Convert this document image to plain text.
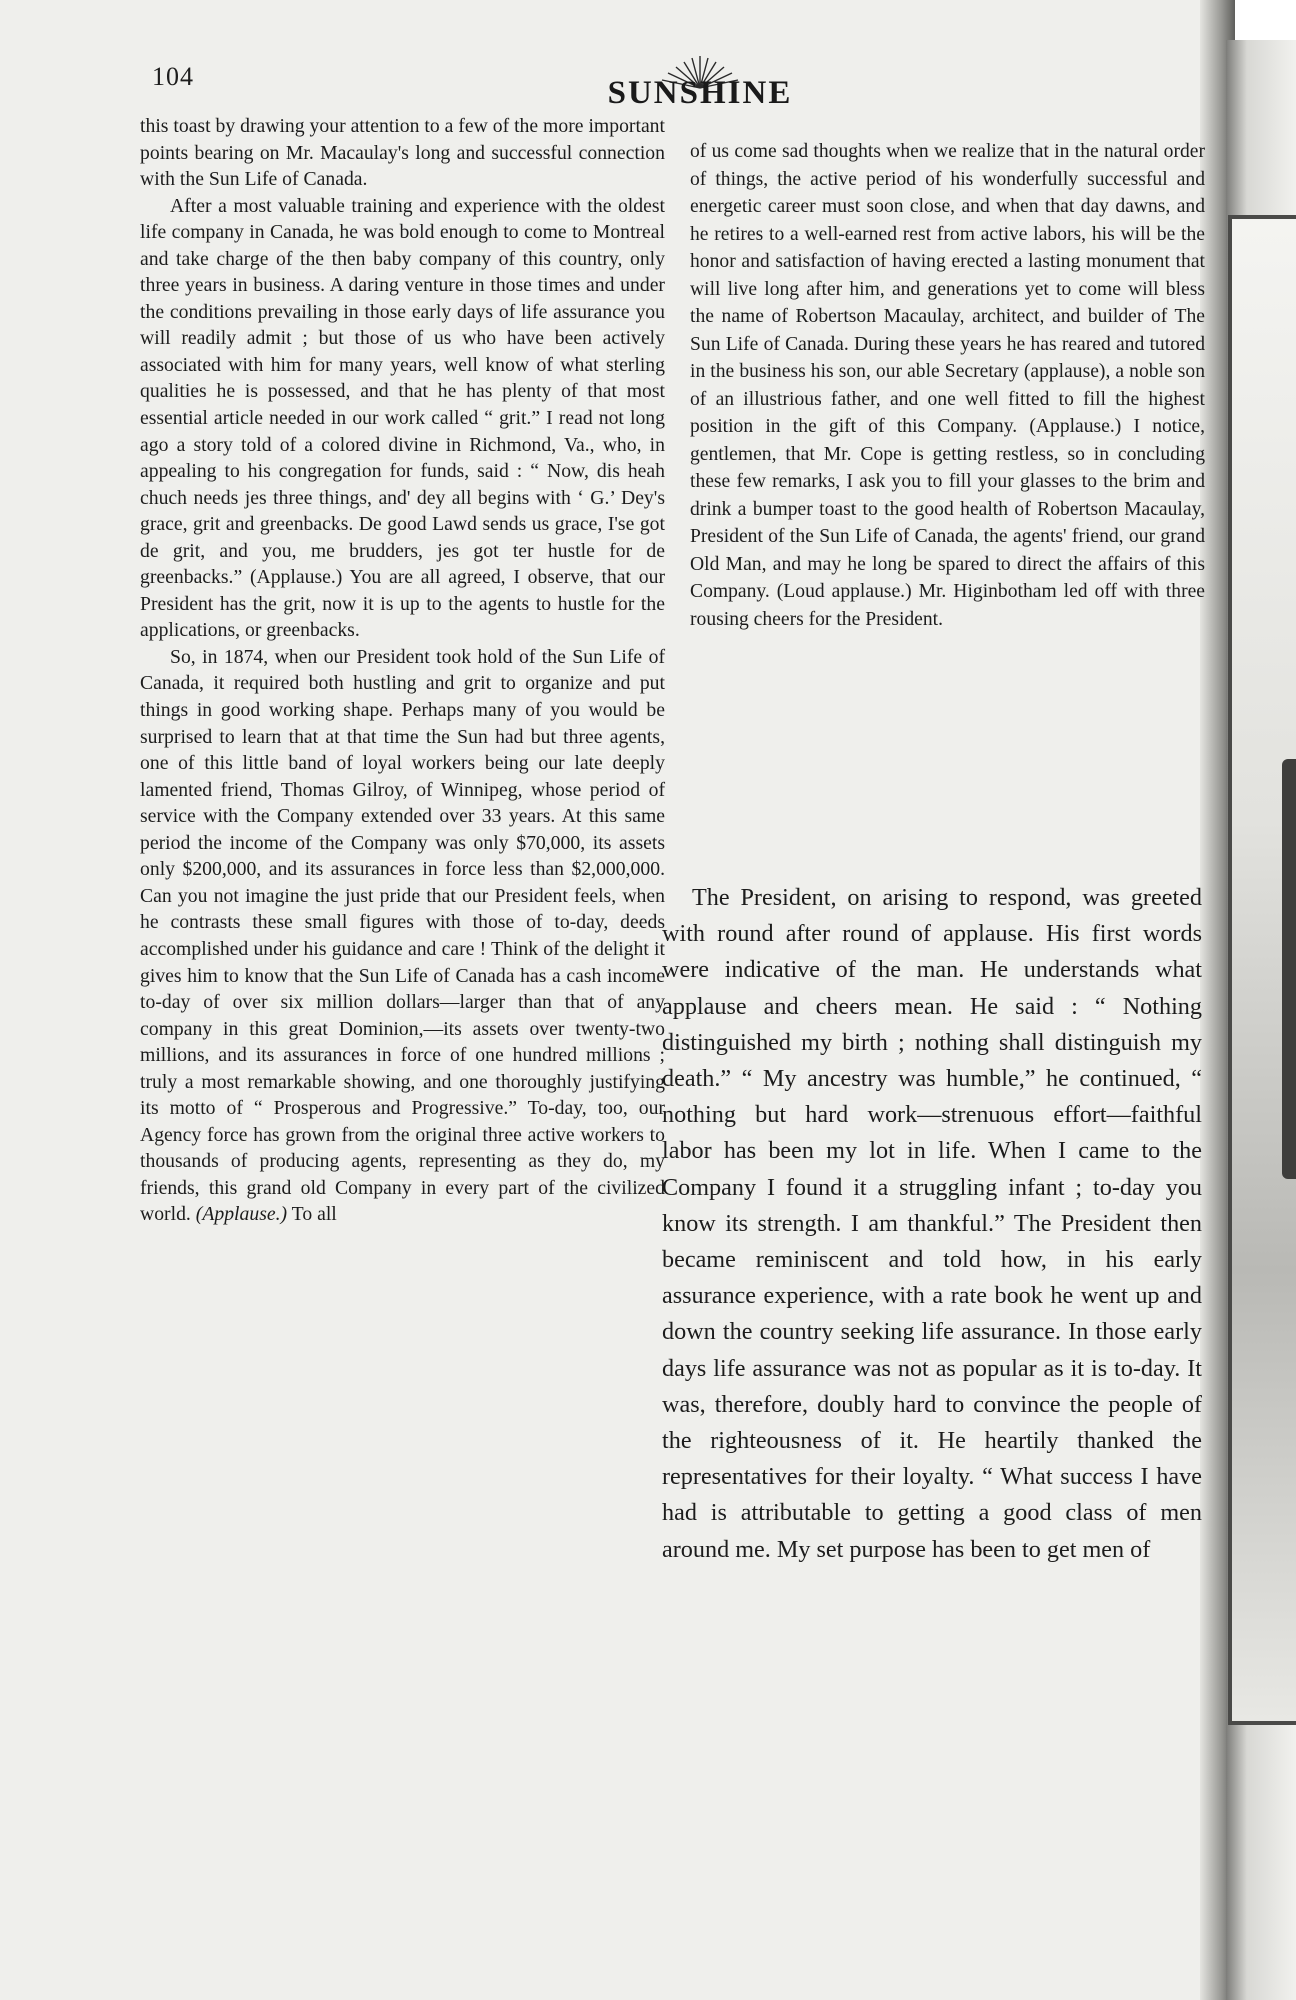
104	SUNSHINE

this toast by drawing your attention to a few of the more important points bearing on Mr. Macaulay's long and successful connection with the Sun Life of Canada.

After a most valuable training and experience with the oldest life company in Canada, he was bold enough to come to Montreal and take charge of the then baby company of this country, only three years in business. A daring venture in those times and under the conditions prevailing in those early days of life assurance you will readily admit ; but those of us who have been actively associated with him for many years, well know of what sterling qualities he is possessed, and that he has plenty of that most essential article needed in our work called “ grit.” I read not long ago a story told of a colored divine in Richmond, Va., who, in appealing to his congregation for funds, said : “ Now, dis heah chuch needs jes three things, and' dey all begins with ‘ G.’ Dey's grace, grit and greenbacks. De good Lawd sends us grace, I'se got de grit, and you, me brudders, jes got ter hustle for de greenbacks.” (Applause.) You are all agreed, I observe, that our President has the grit, now it is up to the agents to hustle for the applications, or greenbacks.

So, in 1874, when our President took hold of the Sun Life of Canada, it required both hustling and grit to organize and put things in good working shape. Perhaps many of you would be surprised to learn that at that time the Sun had but three agents, one of this little band of loyal workers being our late deeply lamented friend, Thomas Gilroy, of Winnipeg, whose period of service with the Company extended over 33 years. At this same period the income of the Company was only $70,000, its assets only $200,000, and its assurances in force less than $2,000,000. Can you not imagine the just pride that our President feels, when he contrasts these small figures with those of to-day, deeds accomplished under his guidance and care ! Think of the delight it gives him to know that the Sun Life of Canada has a cash income to-day of over six million dollars—larger than that of any company in this great Dominion,—its assets over twenty-two millions, and its assurances in force of one hundred millions ; truly a most remarkable showing, and one thoroughly justifying its motto of “ Prosperous and Progressive.” To-day, too, our Agency force has grown from the original three active workers to thousands of producing agents, representing as they do, my friends, this grand old Company in every part of the civilized world. (Applause.) To all

of us come sad thoughts when we realize that in the natural order of things, the active period of his wonderfully successful and energetic career must soon close, and when that day dawns, and he retires to a well-earned rest from active labors, his will be the honor and satisfaction of having erected a lasting monument that will live long after him, and generations yet to come will bless the name of Robertson Macaulay, architect, and builder of The Sun Life of Canada. During these years he has reared and tutored in the business his son, our able Secretary (applause), a noble son of an illustrious father, and one well fitted to fill the highest position in the gift of this Company. (Applause.) I notice, gentlemen, that Mr. Cope is getting restless, so in concluding these few remarks, I ask you to fill your glasses to the brim and drink a bumper toast to the good health of Robertson Macaulay, President of the Sun Life of Canada, the agents' friend, our grand Old Man, and may he long be spared to direct the affairs of this Company. (Loud applause.) Mr. Higinbotham led off with three rousing cheers for the President.

The President, on arising to respond, was greeted with round after round of applause. His first words were indicative of the man. He understands what applause and cheers mean. He said : “ Nothing distinguished my birth ; nothing shall distinguish my death.” “ My ancestry was humble,” he continued, “ nothing but hard work—strenuous effort—faithful labor has been my lot in life. When I came to the Company I found it a struggling infant ; to-day you know its strength. I am thankful.” The President then became reminiscent and told how, in his early assurance experience, with a rate book he went up and down the country seeking life assurance. In those early days life assurance was not as popular as it is to-day. It was, therefore, doubly hard to convince the people of the righteousness of it. He heartily thanked the representatives for their loyalty. “ What success I have had is attributable to getting a good class of men around me. My set purpose has been to get men of
